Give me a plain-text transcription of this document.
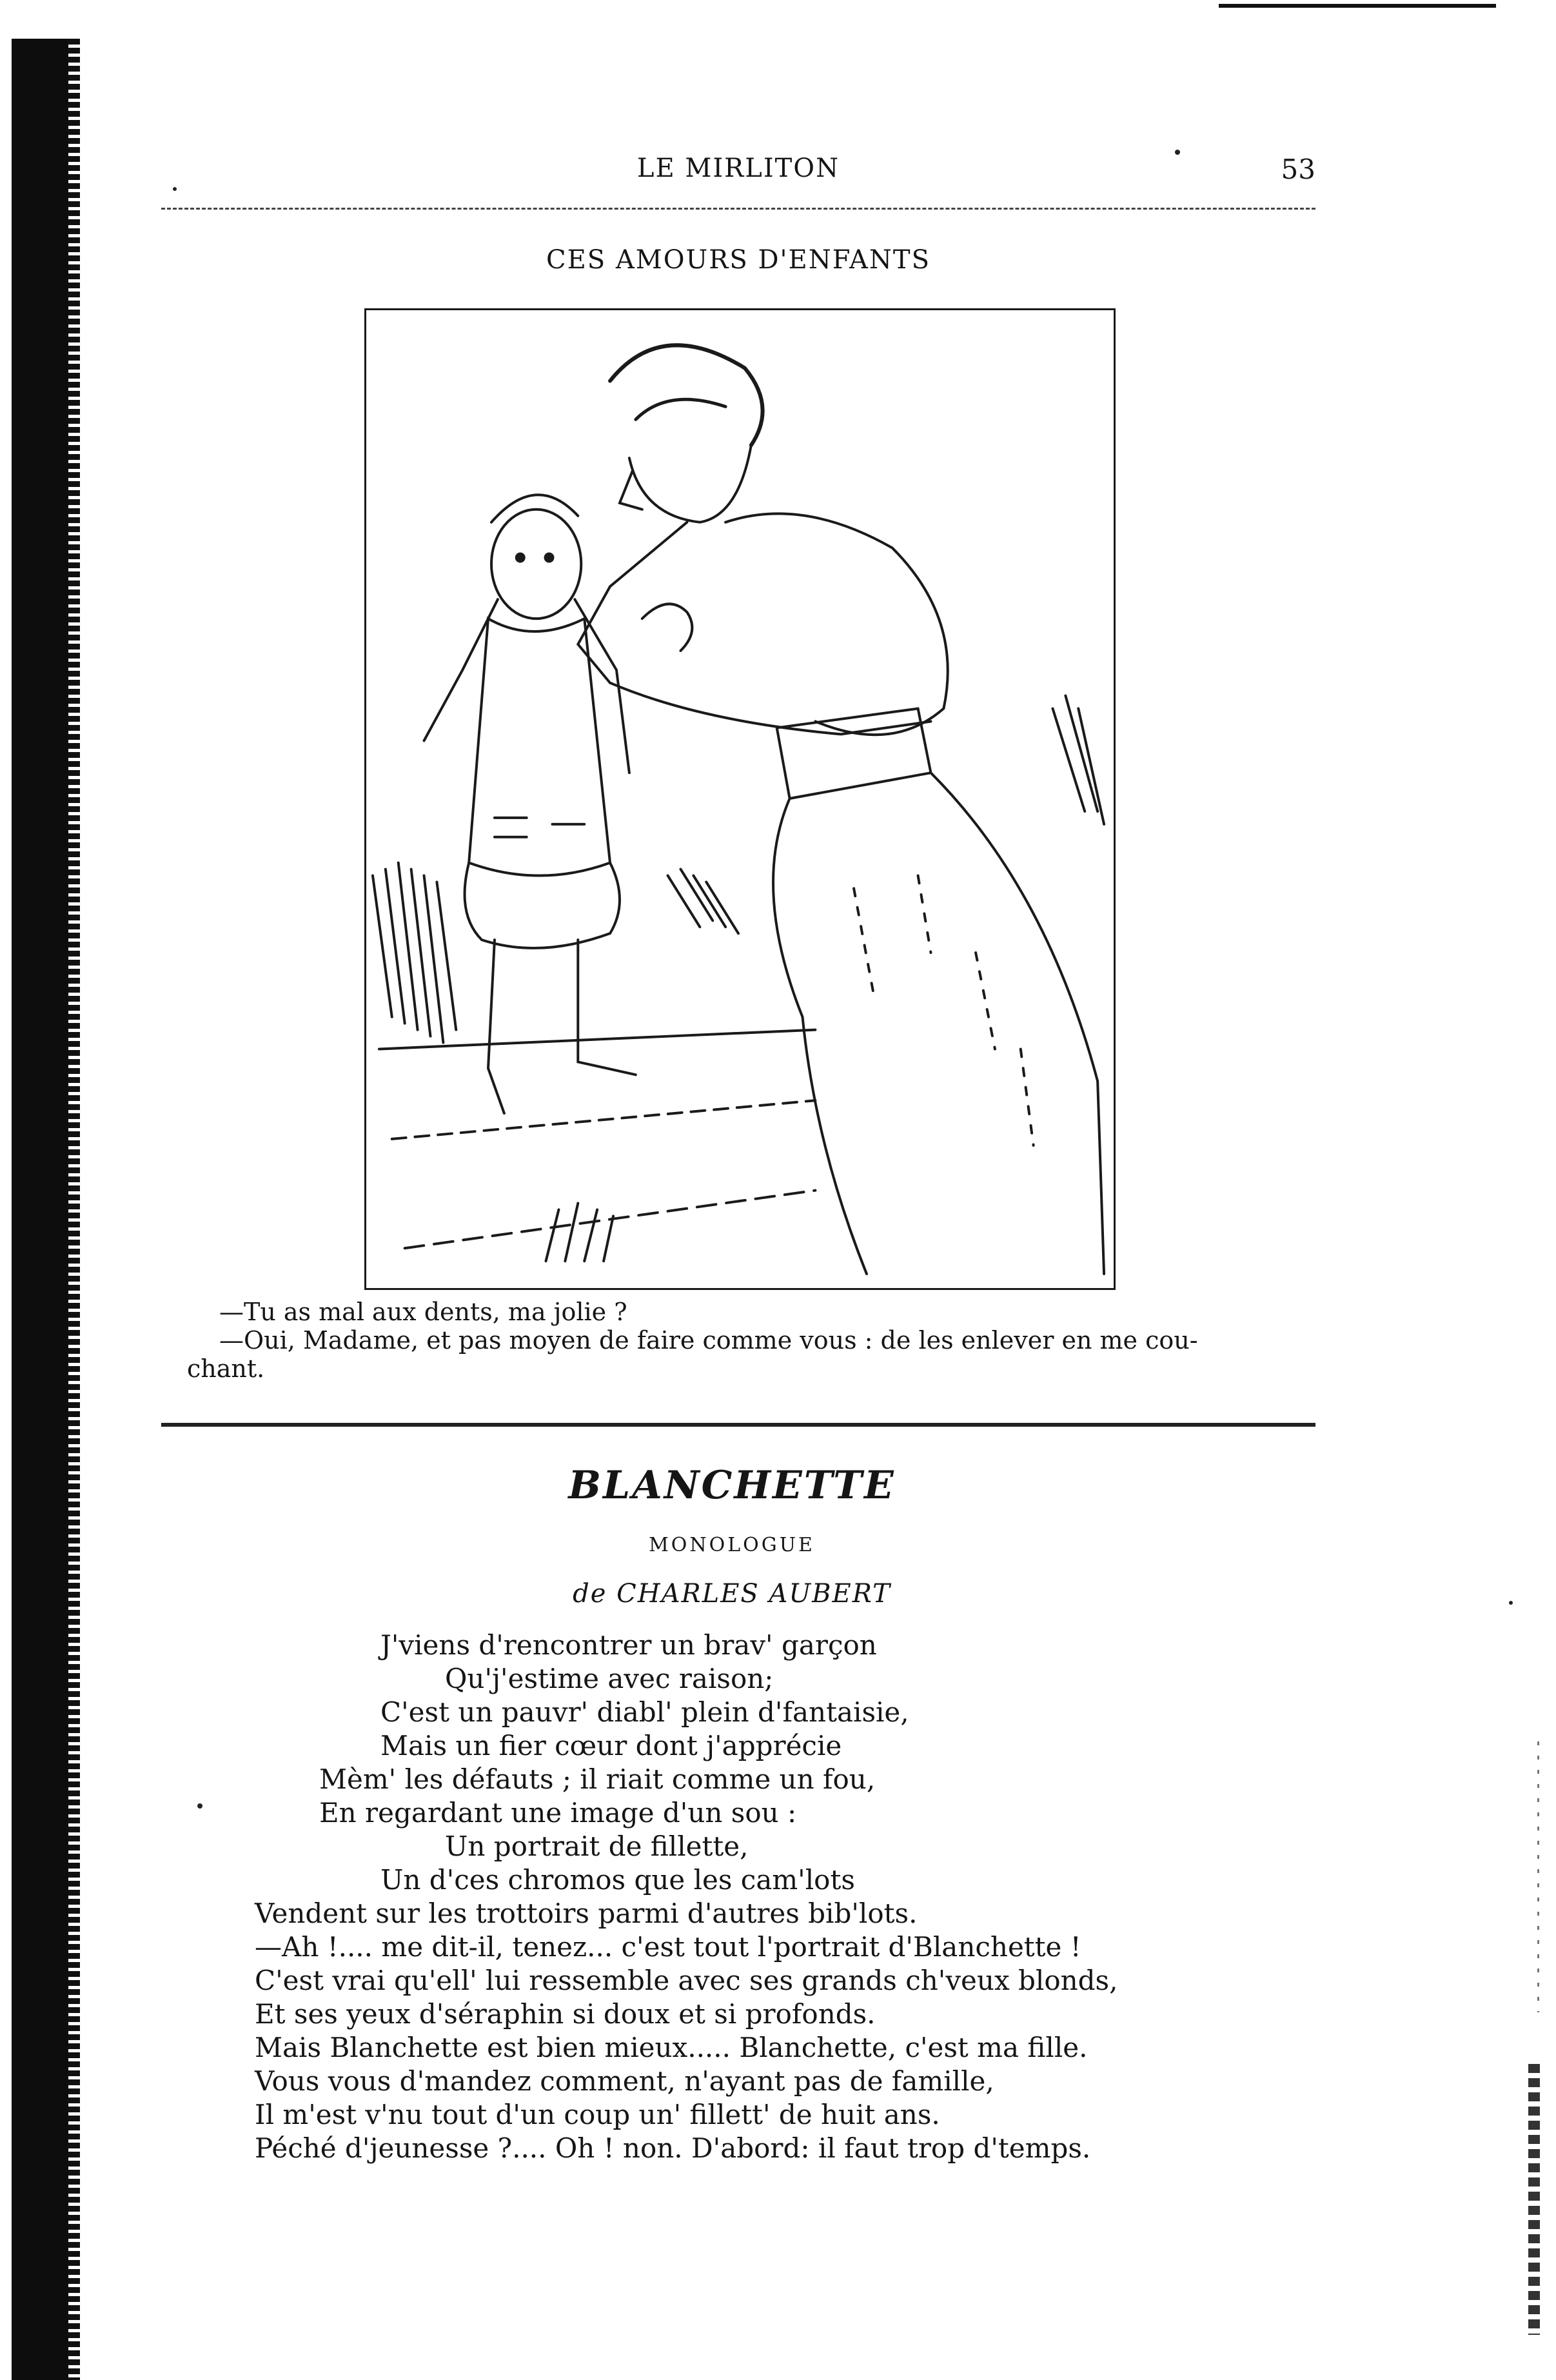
LE MIRLITON	53
CES AMOURS D'ENFANTS

—Tu as mal aux dents, ma jolie ?

—Oui, Madame, et pas moyen de faire comme vous : de les enlever en me cou-

chant.

BLANCHETTE
MONOLOGUE
de CHARLES AUBERT
J'viens d'rencontrer un brav' garçon
Qu'j'estime avec raison;
C'est un pauvr' diabl' plein d'fantaisie,
Mais un fier cœur dont j'apprécie
Mèm' les défauts ; il riait comme un fou,
En regardant une image d'un sou :
Un portrait de fillette,
Un d'ces chromos que les cam'lots
Vendent sur les trottoirs parmi d'autres bib'lots.
—Ah !.... me dit-il, tenez... c'est tout l'portrait d'Blanchette !
C'est vrai qu'ell' lui ressemble avec ses grands ch'veux blonds,
Et ses yeux d'séraphin si doux et si profonds.
Mais Blanchette est bien mieux..... Blanchette, c'est ma fille.
Vous vous d'mandez comment, n'ayant pas de famille,
Il m'est v'nu tout d'un coup un' fillett' de huit ans.
Péché d'jeunesse ?.... Oh ! non. D'abord: il faut trop d'temps.
